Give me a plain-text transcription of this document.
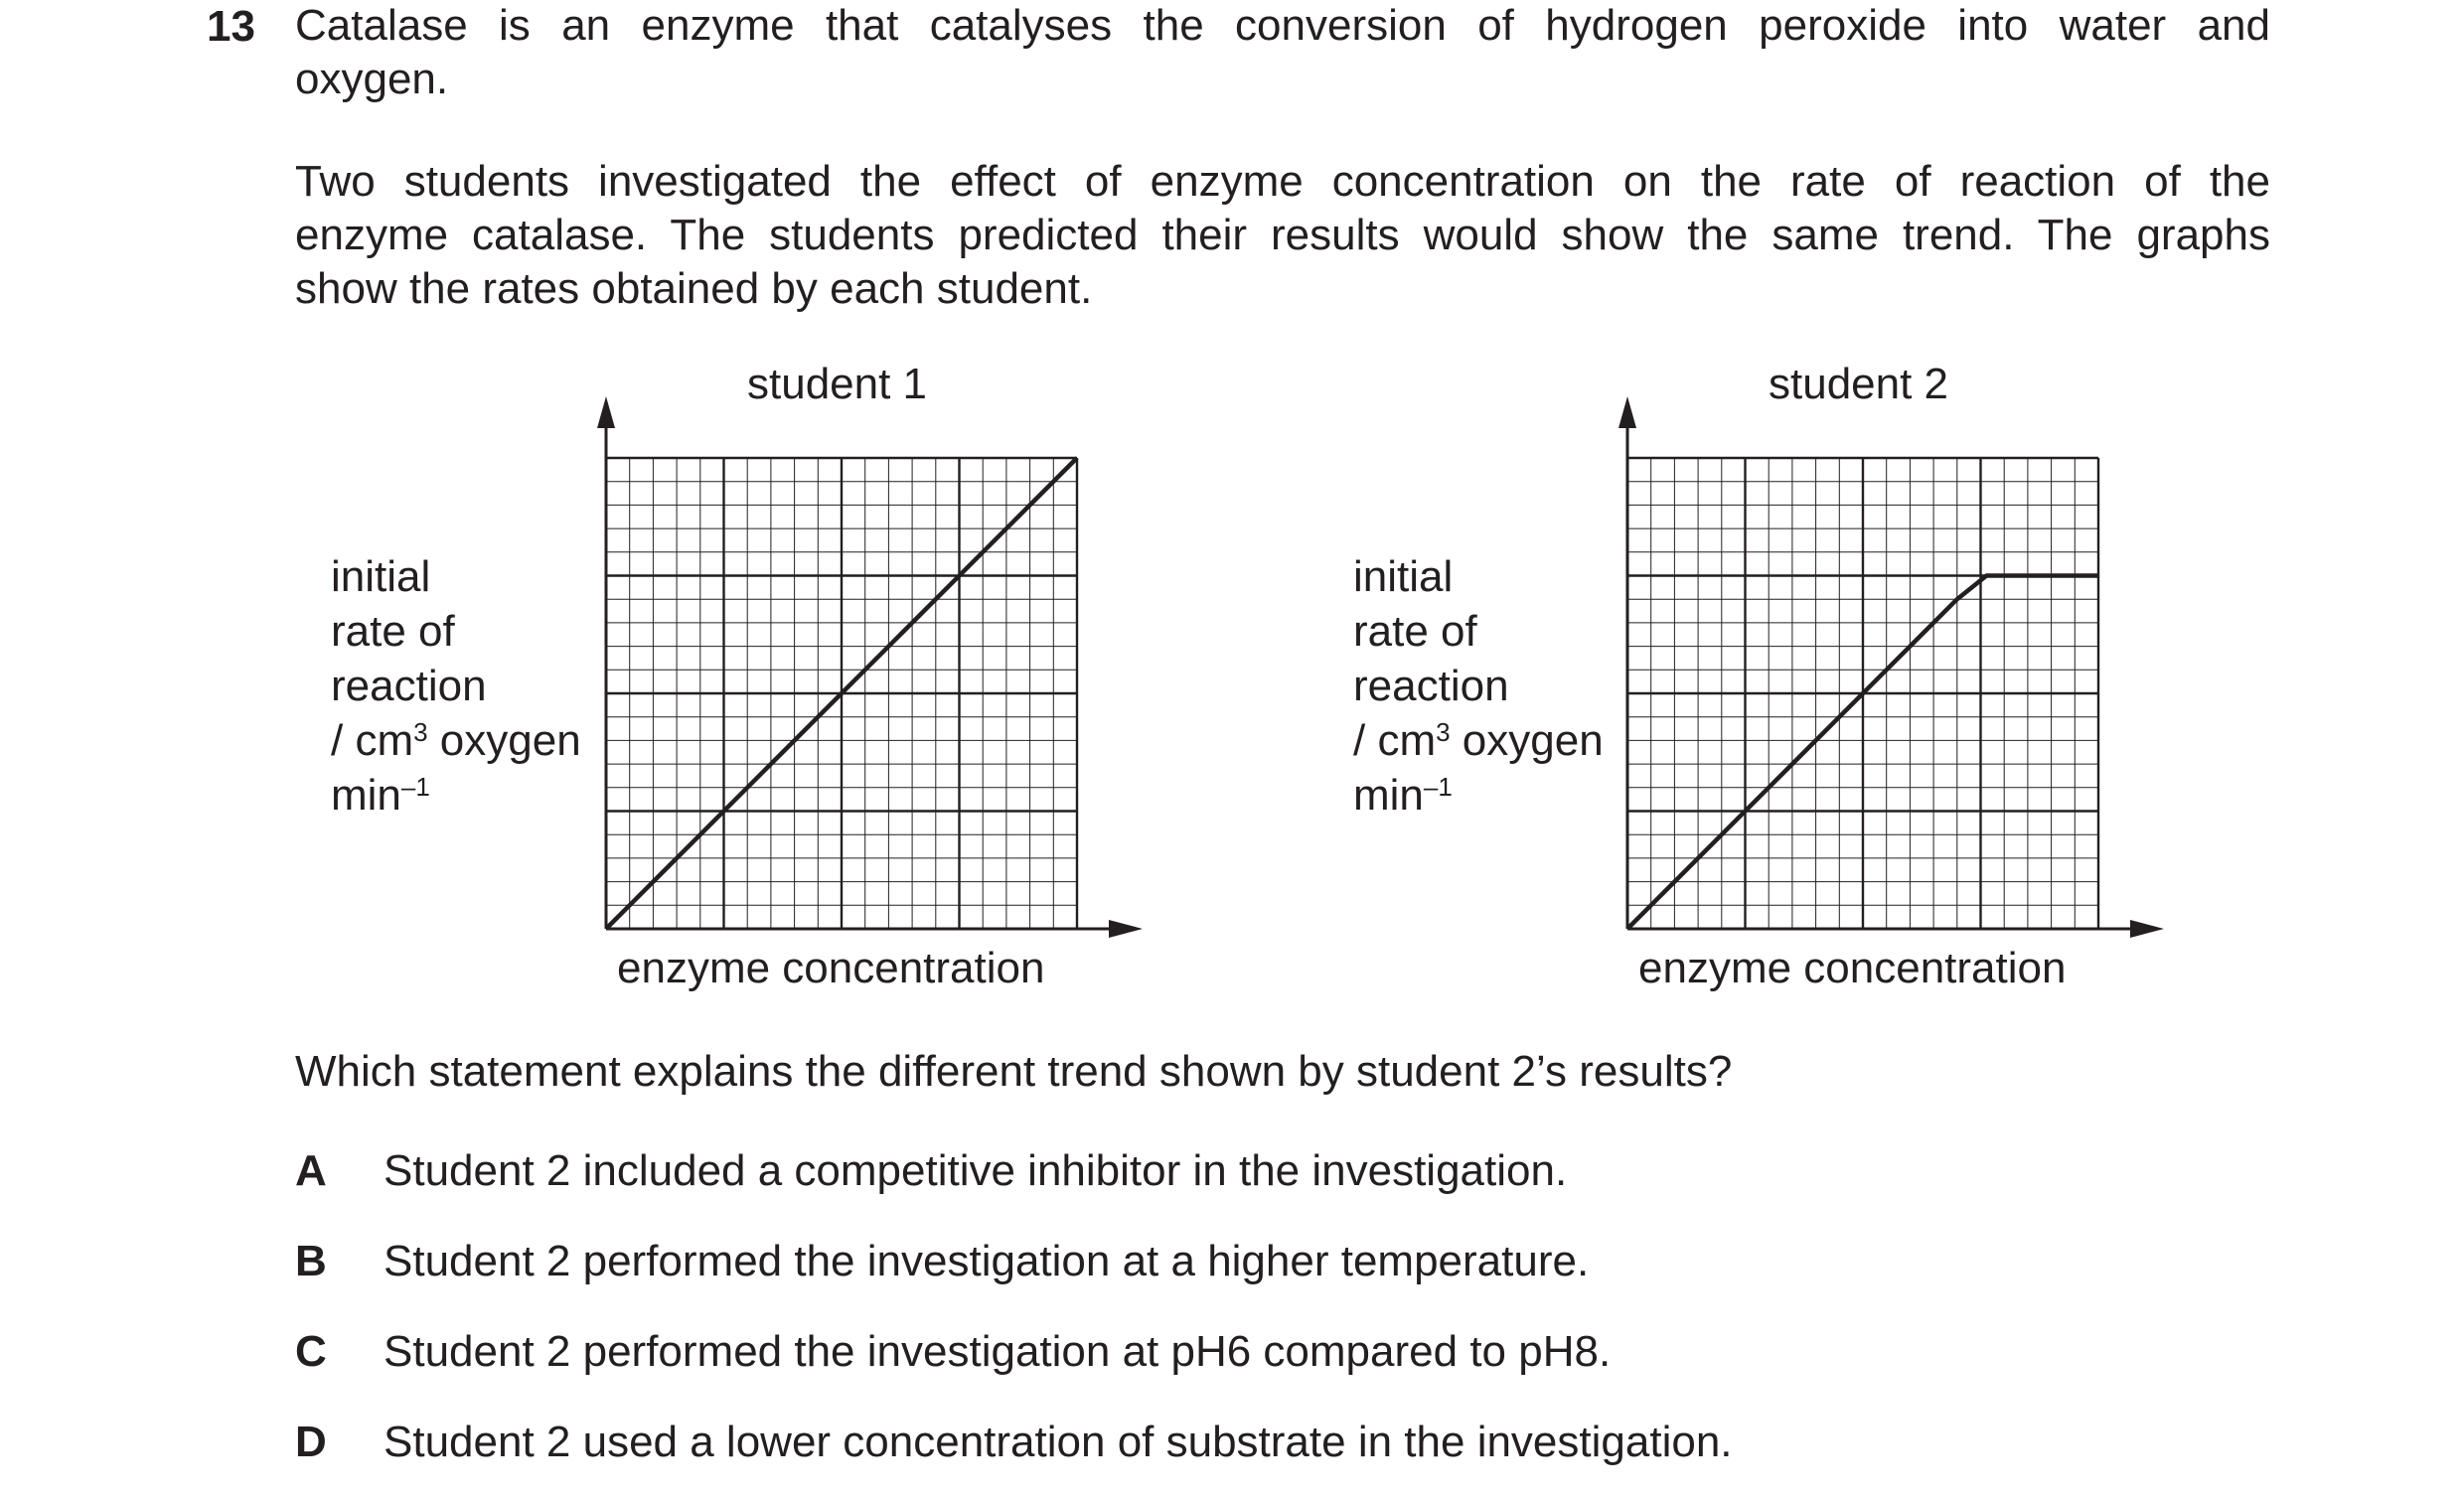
13 Catalase is an enzyme that catalyses the conversion of hydrogen peroxide into water and
oxygen.
Two students investigated the effect of enzyme concentration on the rate of reaction of the
enzyme catalase. The students predicted their results would show the same trend. The graphs
show the rates obtained by each student.
student 1
initial
rate of
reaction
/ $cm^3$ oxygen
$\min^{-1}$
enzyme concentration
student 2
initial
rate of
reaction
/ $cm^3$ oxygen
$\min^{-1}$
enzyme concentration
Which statement explains the different trend shown by student 2’s results?
A Student 2 included a competitive inhibitor in the investigation.
B Student 2 performed the investigation at a higher temperature.
C Student 2 performed the investigation at pH6 compared to pH8.
D Student 2 used a lower concentration of substrate in the investigation.
